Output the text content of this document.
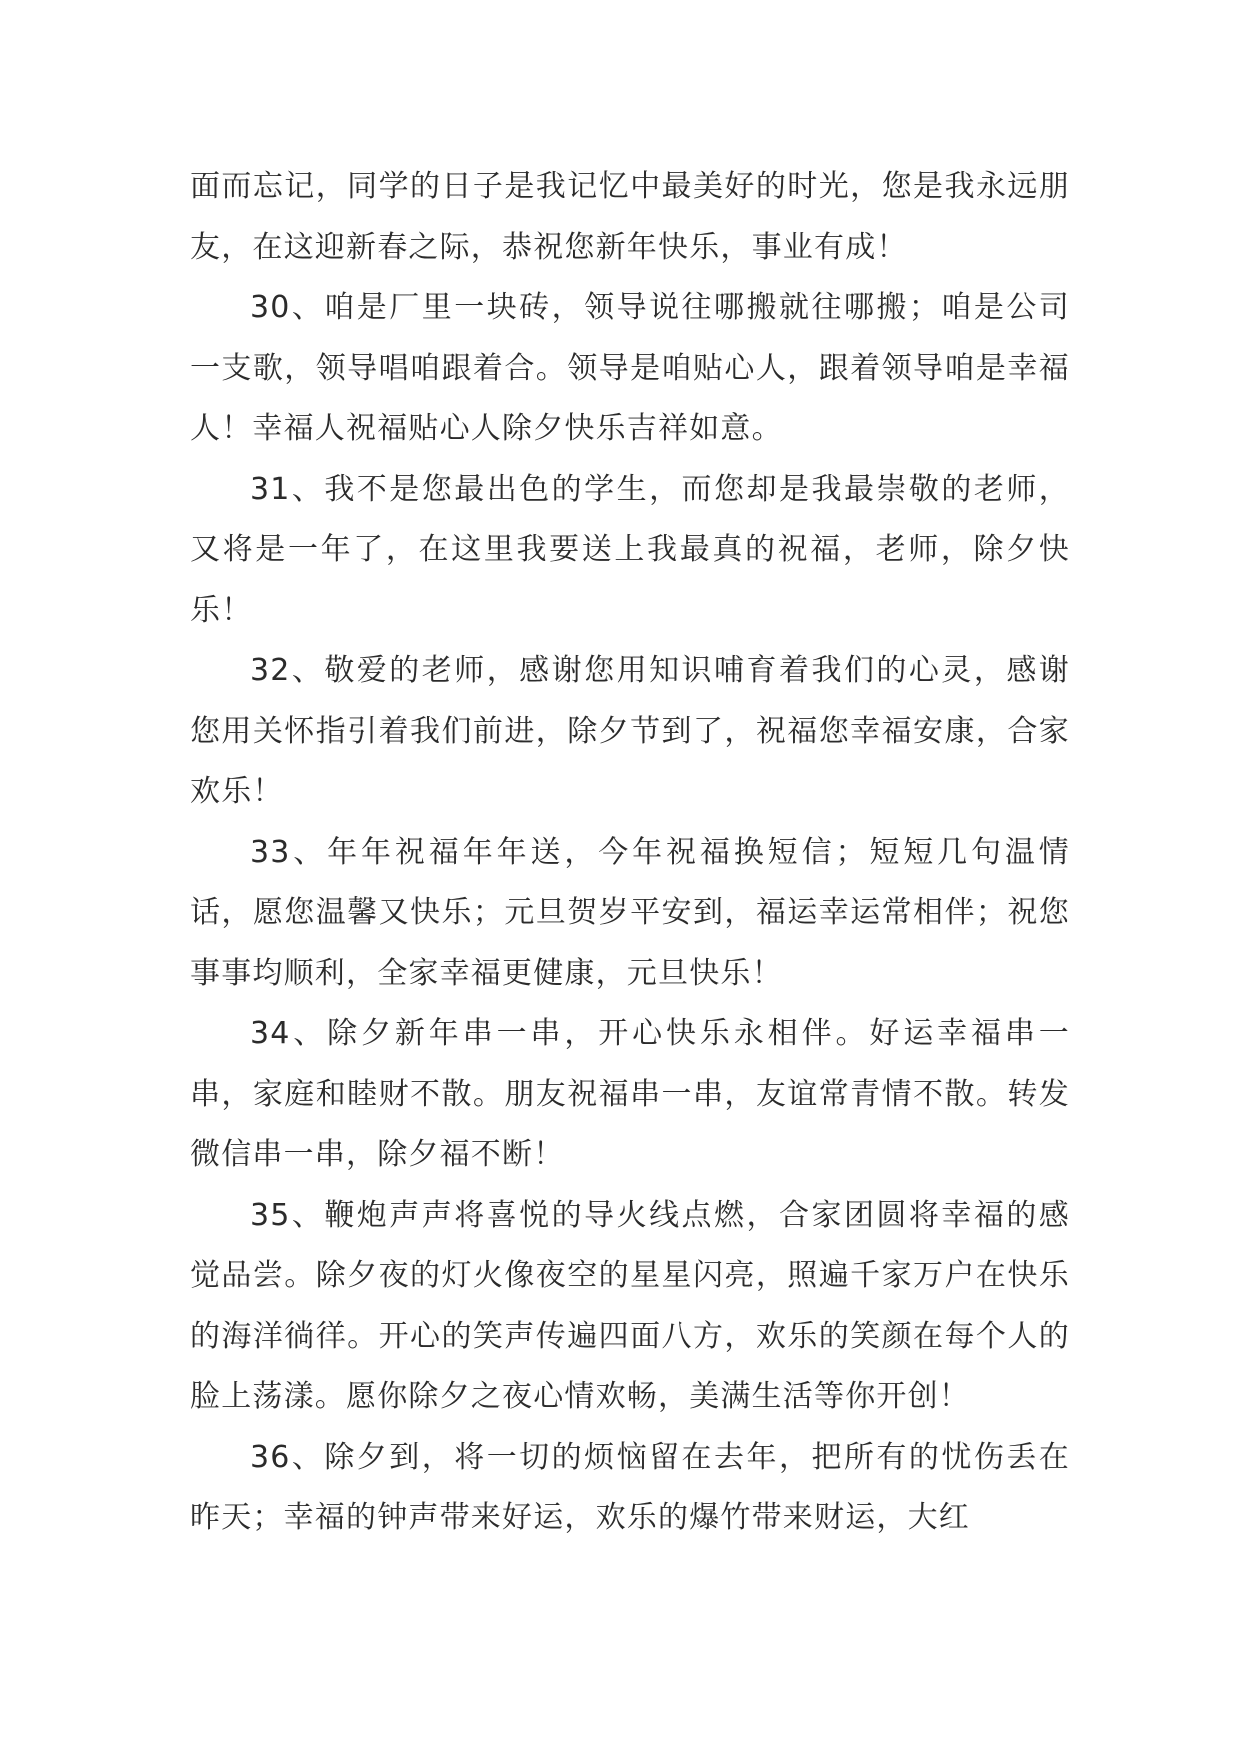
面而忘记，同学的日子是我记忆中最美好的时光，您是我永远朋友，在这迎新春之际，恭祝您新年快乐，事业有成！

30、咱是厂里一块砖，领导说往哪搬就往哪搬；咱是公司一支歌，领导唱咱跟着合。领导是咱贴心人，跟着领导咱是幸福人！幸福人祝福贴心人除夕快乐吉祥如意。

31、我不是您最出色的学生，而您却是我最崇敬的老师，又将是一年了，在这里我要送上我最真的祝福，老师，除夕快乐！

32、敬爱的老师，感谢您用知识哺育着我们的心灵，感谢您用关怀指引着我们前进，除夕节到了，祝福您幸福安康，合家欢乐！

33、年年祝福年年送，今年祝福换短信；短短几句温情话，愿您温馨又快乐；元旦贺岁平安到，福运幸运常相伴；祝您事事均顺利，全家幸福更健康，元旦快乐！

34、除夕新年串一串，开心快乐永相伴。好运幸福串一串，家庭和睦财不散。朋友祝福串一串，友谊常青情不散。转发微信串一串，除夕福不断！

35、鞭炮声声将喜悦的导火线点燃，合家团圆将幸福的感觉品尝。除夕夜的灯火像夜空的星星闪亮，照遍千家万户在快乐的海洋徜徉。开心的笑声传遍四面八方，欢乐的笑颜在每个人的脸上荡漾。愿你除夕之夜心情欢畅，美满生活等你开创！

36、除夕到，将一切的烦恼留在去年，把所有的忧伤丢在昨天；幸福的钟声带来好运，欢乐的爆竹带来财运，大红
